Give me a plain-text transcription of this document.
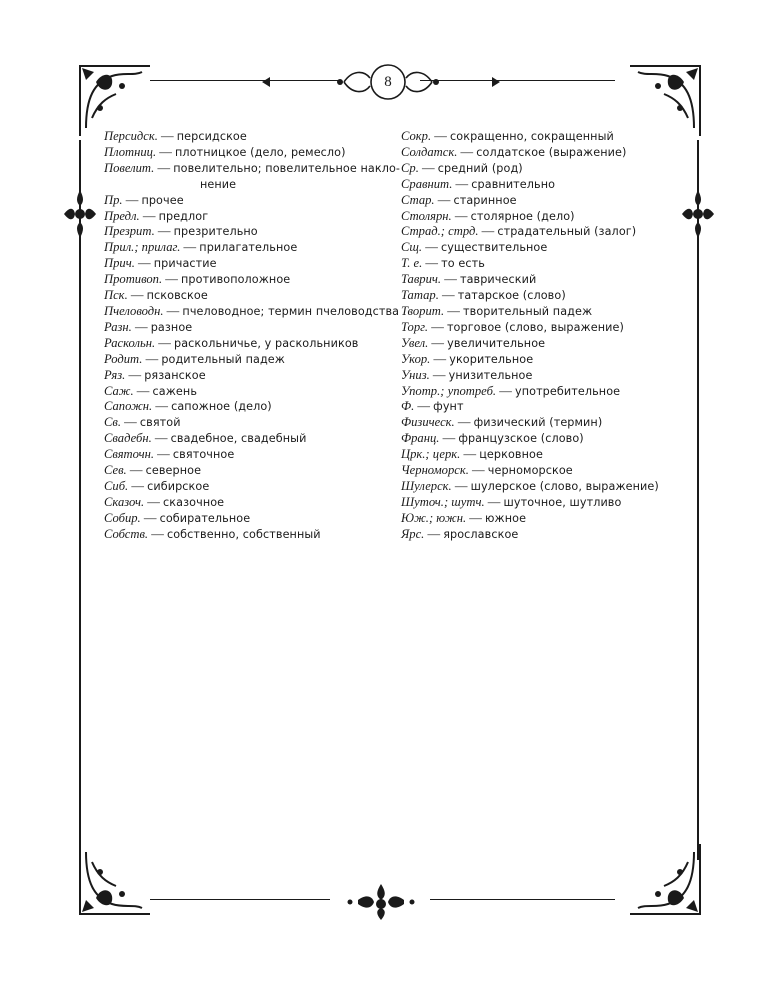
8
Персидск. — персидское
Плотниц. — плотницкое (дело, ремесло)
Повелит. — повелительно; повелительное накло-
нение
Пр. — прочее
Предл. — предлог
Презрит. — презрительно
Прил.; прилаг. — прилагательное
Прич. — причастие
Противоп. — противоположное
Пск. — псковское
Пчеловодн. — пчеловодное; термин пчеловодства
Разн. — разное
Раскольн. — раскольничье, у раскольников
Родит. — родительный падеж
Ряз. — рязанское
Саж. — сажень
Сапожн. — сапожное (дело)
Св. — святой
Свадебн. — свадебное, свадебный
Святочн. — святочное
Сев. — северное
Сиб. — сибирское
Сказоч. — сказочное
Собир. — собирательное
Собств. — собственно, собственный
Сокр. — сокращенно, сокращенный
Солдатск. — солдатское (выражение)
Ср. — средний (род)
Сравнит. — сравнительно
Стар. — старинное
Столярн. — столярное (дело)
Страд.; стрд. — страдательный (залог)
Сщ. — существительное
Т. е. — то есть
Таврич. — таврический
Татар. — татарское (слово)
Творит. — творительный падеж
Торг. — торговое (слово, выражение)
Увел. — увеличительное
Укор. — укорительное
Униз. — унизительное
Употр.; употреб. — употребительное
Ф. — фунт
Физическ. — физический (термин)
Франц. — французское (слово)
Црк.; церк. — церковное
Черноморск. — черноморское
Шулерск. — шулерское (слово, выражение)
Шуточ.; шутч. — шуточное, шутливо
Юж.; южн. — южное
Ярс. — ярославское
